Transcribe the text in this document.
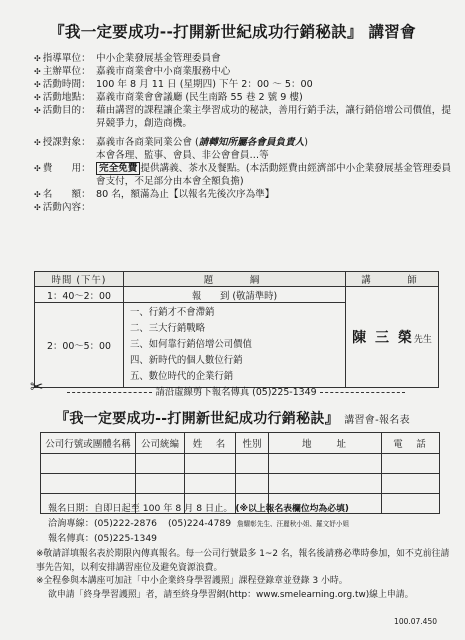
『我一定要成功--打開新世紀成功行銷秘訣』 講習會
✣ 指導單位： 中小企業發展基金管理委員會
✣ 主辦單位： 嘉義市商業會中小商業服務中心
✣ 活動時間： 100 年 8 月 11 日 (星期四) 下午 2：00 ～ 5：00
✣ 活動地點： 嘉義市商業會會議廳 (民生南路 55 巷 2 號 9 樓)
✣ 活動目的： 藉由講習的課程讓企業主學習成功的秘訣，善用行銷手法，讓行銷倍增公司價值，提昇競爭力，創造商機。
✣ 授課對象： 嘉義市各商業同業公會 (請轉知所屬各會員負責人)
本會各理、監事、會員、非公會會員…等
✣ 費　　用： 完全免費 提供講義、茶水及餐點。(本活動經費由經濟部中小企業發展基金管理委員會支付，不足部分由本會全額負擔)
✣ 名　　額： 80 名，額滿為止【以報名先後次序為準】
✣ 活動內容：
時間 (下午)	題　　綱	講　　師
1：40～2：00	報　　到 (敬請準時)	陳 三 榮先生
2：00～5：00	一、行銷才不會滯銷
二、三大行銷戰略
三、如何靠行銷倍增公司價值
四、新時代的個人數位行銷
五、數位時代的企業行銷	
✂	請沿虛線剪下報名傳真 (05)225-1349
『我一定要成功--打開新世紀成功行銷秘訣』 講習會-報名表
公司行號或團體名稱	公司統編	姓　名	性別	地　　址	電　話

報名日期：自即日起至 100 年 8 月 8 日止。 (※以上報名表欄位均為必填)
洽詢專線：(05)222-2876 (05)224-4789 詹耀彰先生、汪麗秋小姐、羅文妤小姐
報名傳真：(05)225-1349
※敬請詳填報名表於期限內傳真報名。每一公司行號最多 1~2 名，報名後請務必準時參加，如不克前往請事先告知，以利安排講習座位及避免資源浪費。
※全程參與本講座可加註「中小企業終身學習護照」課程登錄章並登錄 3 小時。
欲申請「終身學習護照」者，請至終身學習網(http：www.smelearning.org.tw)線上申請。
100.07.450
